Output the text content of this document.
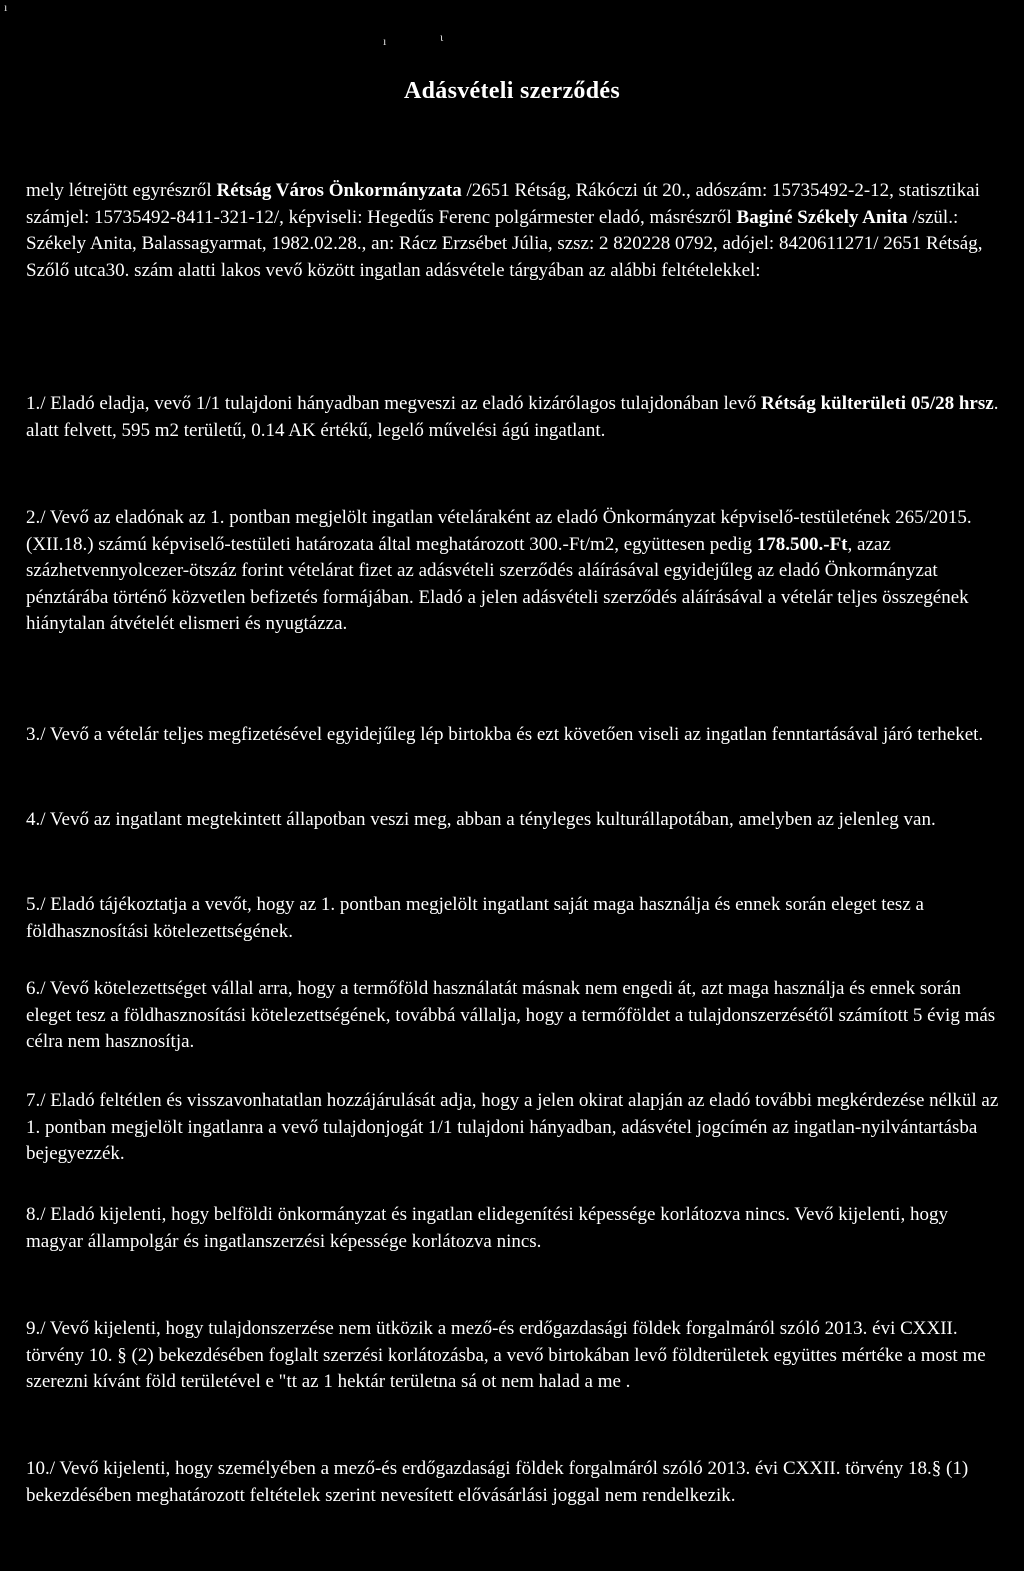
ı
ı	ι
Adásvételi szerződés
mely létrejött egyrészről Rétság Város Önkormányzata /2651 Rétság, Rákóczi út 20., adószám: 15735492-2-12, statisztikai számjel: 15735492-8411-321-12/, képviseli: Hegedűs Ferenc polgármester eladó, másrészről Baginé Székely Anita /szül.: Székely Anita, Balassagyarmat, 1982.02.28., an: Rácz Erzsébet Júlia, szsz: 2 820228 0792, adójel: 8420611271/ 2651 Rétság, Szőlő utca30. szám alatti lakos vevő között ingatlan adásvétele tárgyában az alábbi feltételekkel:
1./ Eladó eladja, vevő 1/1 tulajdoni hányadban megveszi az eladó kizárólagos tulajdonában levő Rétság külterületi 05/28 hrsz. alatt felvett, 595 m2 területű, 0.14 AK értékű, legelő művelési ágú ingatlant.
2./ Vevő az eladónak az 1. pontban megjelölt ingatlan vételáraként az eladó Önkormányzat képviselő-testületének 265/2015.(XII.18.) számú képviselő-testületi határozata által meghatározott 300.-Ft/m2, együttesen pedig 178.500.-Ft, azaz százhetvennyolcezer-ötszáz forint vételárat fizet az adásvételi szerződés aláírásával egyidejűleg az eladó Önkormányzat pénztárába történő közvetlen befizetés formájában. Eladó a jelen adásvételi szerződés aláírásával a vételár teljes összegének hiánytalan átvételét elismeri és nyugtázza.
3./ Vevő a vételár teljes megfizetésével egyidejűleg lép birtokba és ezt követően viseli az ingatlan fenntartásával járó terheket.
4./ Vevő az ingatlant megtekintett állapotban veszi meg, abban a tényleges kulturállapotában, amelyben az jelenleg van.
5./ Eladó tájékoztatja a vevőt, hogy az 1. pontban megjelölt ingatlant saját maga használja és ennek során eleget tesz a földhasznosítási kötelezettségének.
6./ Vevő kötelezettséget vállal arra, hogy a termőföld használatát másnak nem engedi át, azt maga használja és ennek során eleget tesz a földhasznosítási kötelezettségének, továbbá vállalja, hogy a termőföldet a tulajdonszerzésétől számított 5 évig más célra nem hasznosítja.
7./ Eladó feltétlen és visszavonhatatlan hozzájárulását adja, hogy a jelen okirat alapján az eladó további megkérdezése nélkül az 1. pontban megjelölt ingatlanra a vevő tulajdonjogát 1/1 tulajdoni hányadban, adásvétel jogcímén az ingatlan-nyilvántartásba bejegyezzék.
8./ Eladó kijelenti, hogy belföldi önkormányzat és ingatlan elidegenítési képessége korlátozva nincs. Vevő kijelenti, hogy magyar állampolgár és ingatlanszerzési képessége korlátozva nincs.
9./ Vevő kijelenti, hogy tulajdonszerzése nem ütközik a mező-és erdőgazdasági földek forgalmáról szóló 2013. évi CXXII. törvény 10. § (2) bekezdésében foglalt szerzési korlátozásba, a vevő birtokában levő földterületek együttes mértéke a most me szerezni kívánt föld területével e "tt az 1 hektár területna sá ot nem halad a me .
10./ Vevő kijelenti, hogy személyében a mező-és erdőgazdasági földek forgalmáról szóló 2013. évi CXXII. törvény 18.§ (1) bekezdésében meghatározott feltételek szerint nevesített elővásárlási joggal nem rendelkezik.
